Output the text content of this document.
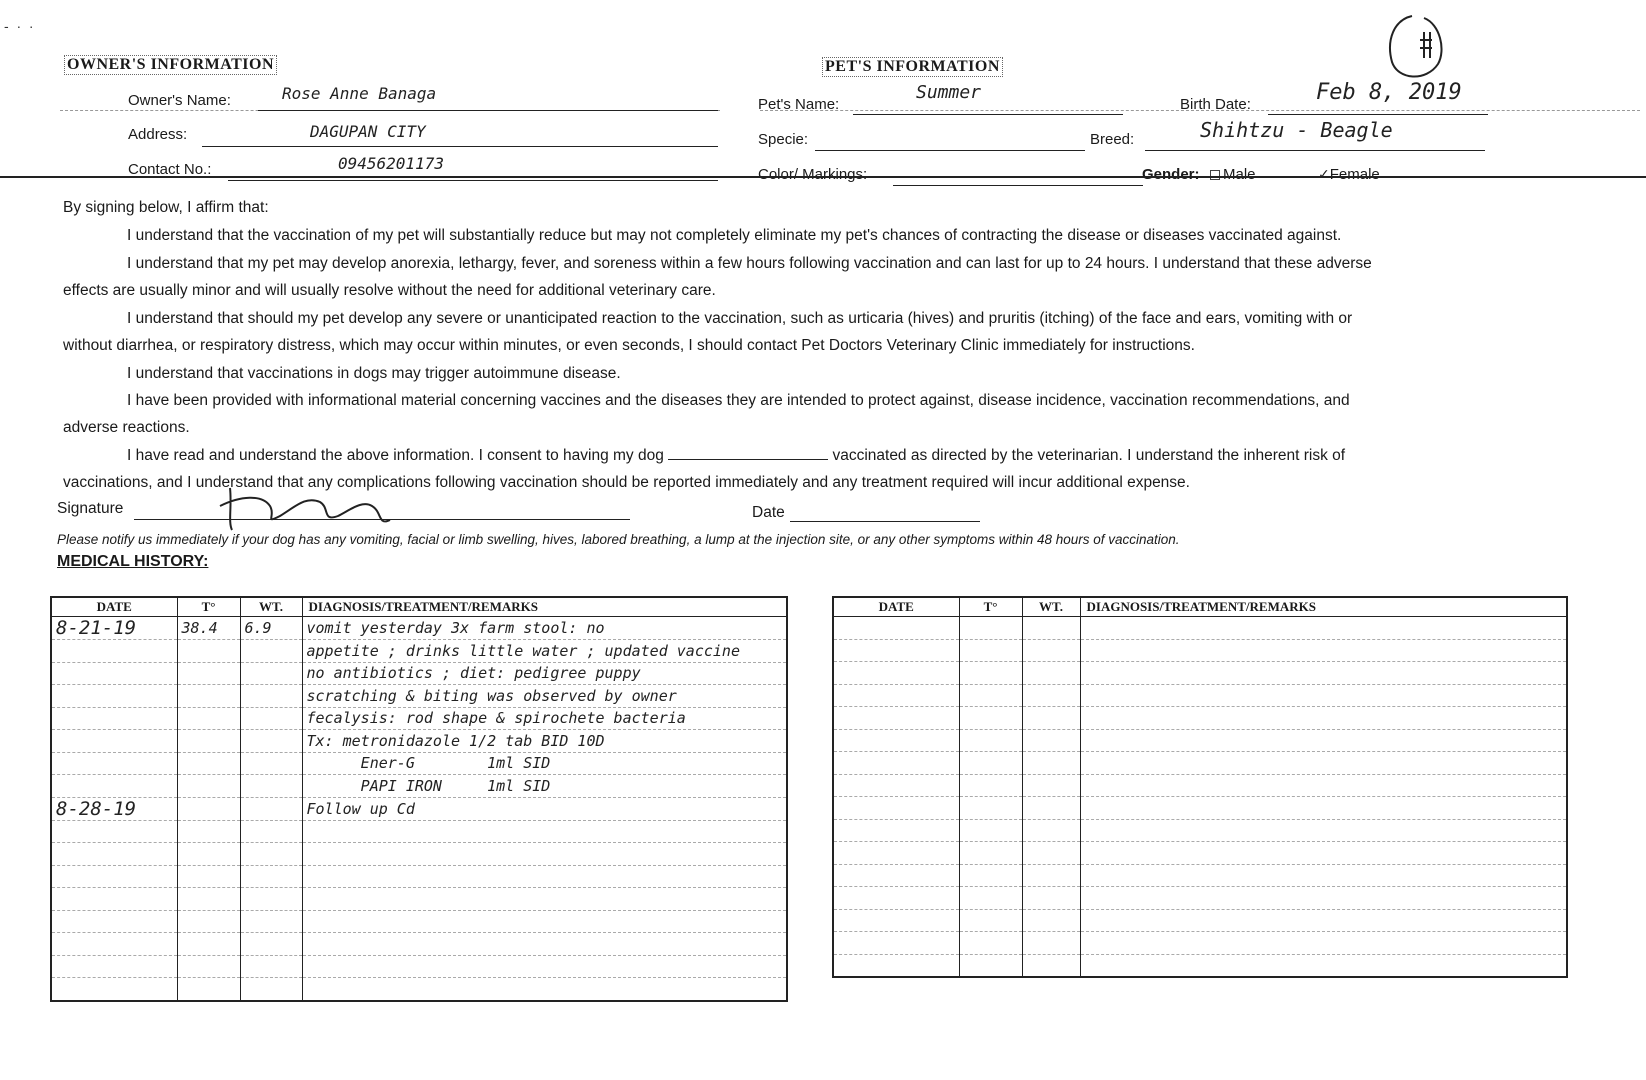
-  ·  ·
OWNER'S INFORMATION
Owner's Name:	Rose Anne Banaga
Address:	DAGUPAN CITY
Contact No.:	09456201173
PET'S INFORMATION
Pet's Name:
Summer
Birth Date:	Feb 8, 2019
Specie:	Breed:	Shihtzu - Beagle
Color/ Markings:	Gender:	Male	✓Female
By signing below, I affirm that:
I understand that the vaccination of my pet will substantially reduce but may not completely eliminate my pet's chances of contracting the disease or diseases vaccinated against.
I understand that my pet may develop anorexia, lethargy, fever, and soreness within a few hours following vaccination and can last for up to 24 hours. I understand that these adverse
effects are usually minor and will usually resolve without the need for additional veterinary care.
I understand that should my pet develop any severe or unanticipated reaction to the vaccination, such as urticaria (hives) and pruritis (itching) of the face and ears, vomiting with or
without diarrhea, or respiratory distress, which may occur within minutes, or even seconds, I should contact Pet Doctors Veterinary Clinic immediately for instructions.
I understand that vaccinations in dogs may trigger autoimmune disease.
I have been provided with informational material concerning vaccines and the diseases they are intended to protect against, disease incidence, vaccination recommendations, and
adverse reactions.
I have read and understand the above information. I consent to having my dog	vaccinated as directed by the veterinarian. I understand the inherent risk of
vaccinations, and I understand that any complications following vaccination should be reported immediately and any treatment required will incur additional expense.
Signature	Date
Please notify us immediately if your dog has any vomiting, facial or limb swelling, hives, labored breathing, a lump at the injection site, or any other symptoms within 48 hours of vaccination.
MEDICAL HISTORY:
DATE	T°	WT.	DIAGNOSIS/TREATMENT/REMARKS
8-21-19	38.4	6.9	vomit yesterday 3x farm stool: no
			appetite ; drinks little water ; updated vaccine
			no antibiotics ; diet: pedigree puppy
			scratching & biting was observed by owner
			fecalysis: rod shape & spirochete bacteria
			Tx: metronidazole 1/2 tab BID 10D
			Ener-G        1ml SID
			PAPI IRON     1ml SID
8-28-19			Follow up Cd

DATE	T°	WT.	DIAGNOSIS/TREATMENT/REMARKS
